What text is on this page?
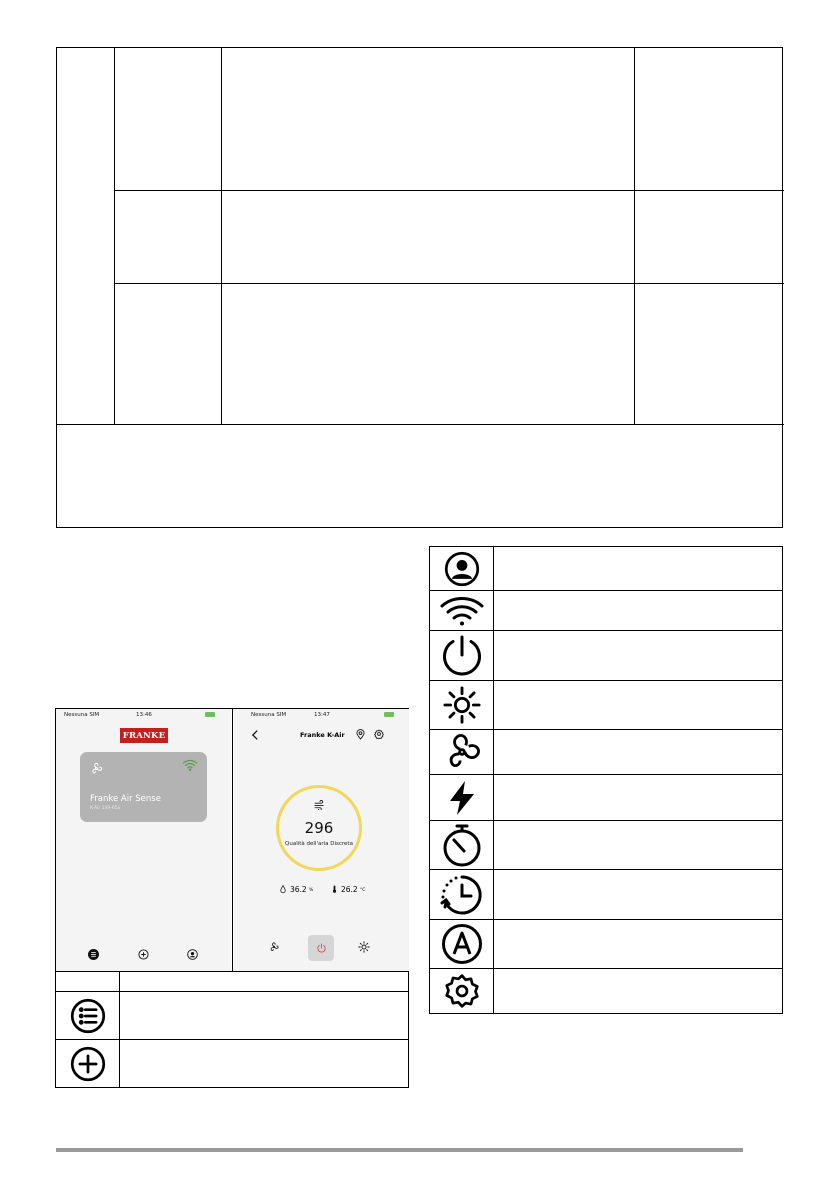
Nessuna SIM	13:46
FRANKE
Franke Air Sense
K-Air 149-65a
Nessuna SIM	13:47
Franke K-Air
296
Qualità dell'aria Discreta
36.2 %	26.2 °C
